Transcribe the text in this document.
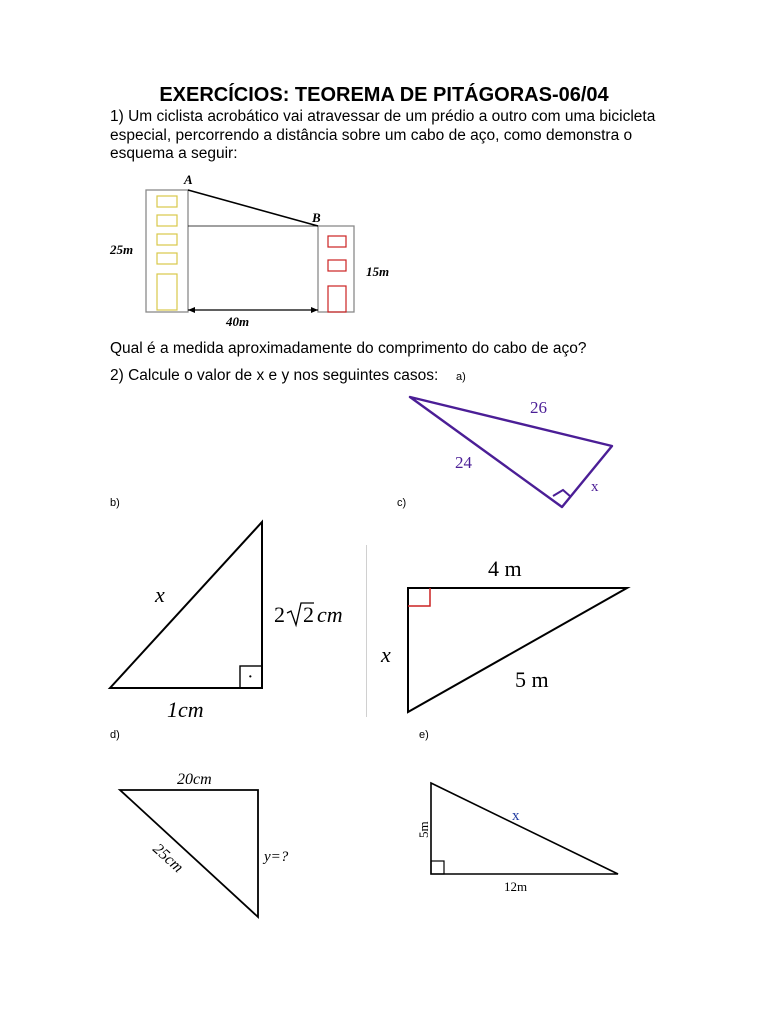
EXERCÍCIOS: TEOREMA DE PITÁGORAS-06/04
1) Um ciclista acrobático vai atravessar de um prédio a outro com uma bicicleta especial, percorrendo a distância sobre um cabo de aço, como demonstra o esquema a seguir:
A
B
25m
15m
40m
Qual é a medida aproximadamente do comprimento do cabo de aço?
2) Calcule o valor de x e y nos seguintes casos: a)
26
24
x
b)	c)
·
x
2 2 cm
1cm
4 m
5 m
x
d)	e)
20cm
y=?
25cm
x
12m
5m
